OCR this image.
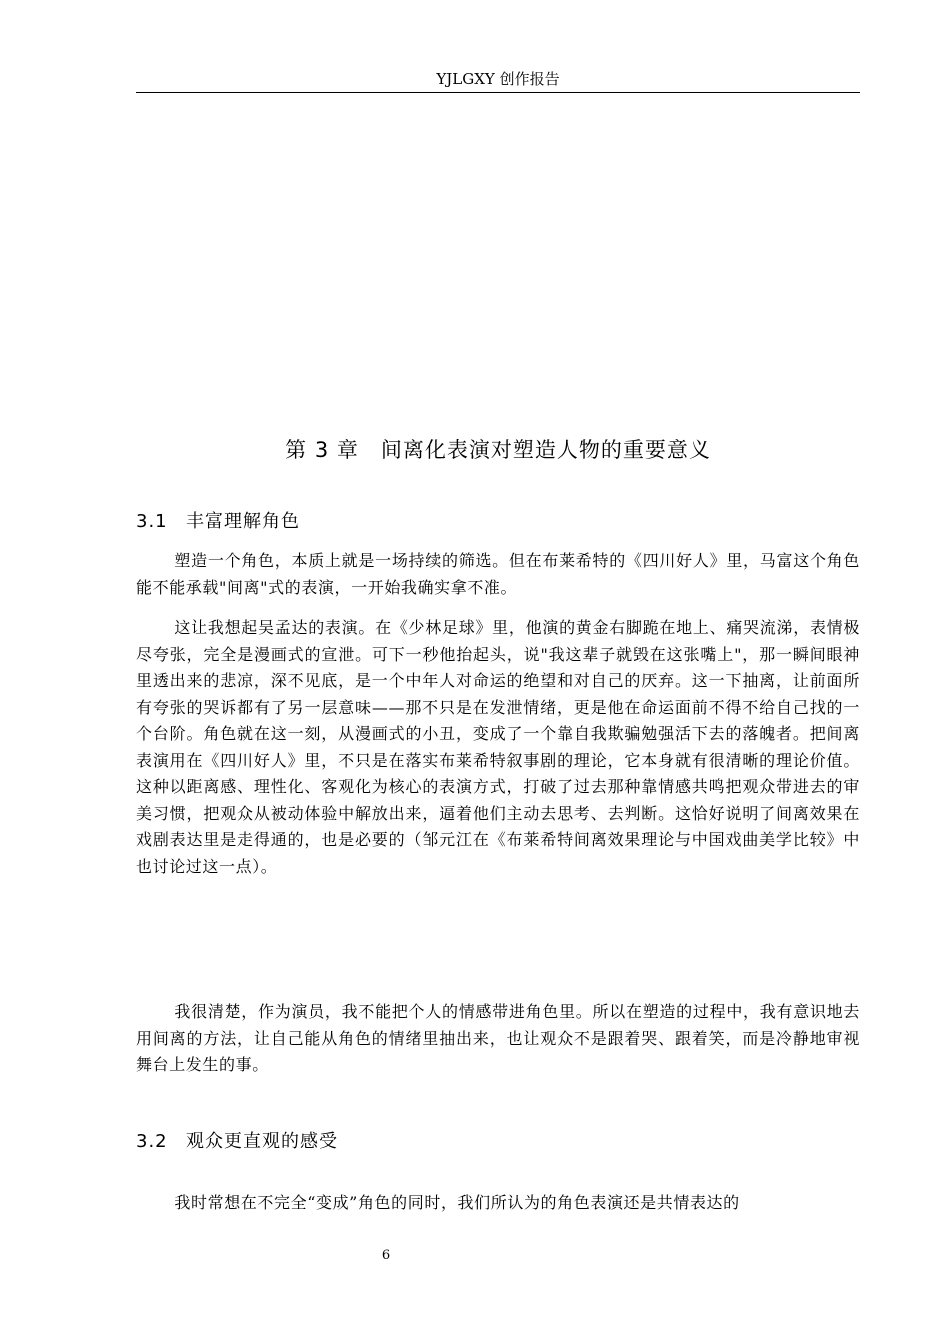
YJLGXY 创作报告
第 3 章　间离化表演对塑造人物的重要意义
3.1 丰富理解角色

塑造一个角色，本质上就是一场持续的筛选。但在布莱希特的《四川好人》里，马富这个角色能不能承载"间离"式的表演，一开始我确实拿不准。

这让我想起吴孟达的表演。在《少林足球》里，他演的黄金右脚跪在地上、痛哭流涕，表情极尽夸张，完全是漫画式的宣泄。可下一秒他抬起头，说"我这辈子就毁在这张嘴上"，那一瞬间眼神里透出来的悲凉，深不见底，是一个中年人对命运的绝望和对自己的厌弃。这一下抽离，让前面所有夸张的哭诉都有了另一层意味——那不只是在发泄情绪，更是他在命运面前不得不给自己找的一个台阶。角色就在这一刻，从漫画式的小丑，变成了一个靠自我欺骗勉强活下去的落魄者。把间离表演用在《四川好人》里，不只是在落实布莱希特叙事剧的理论，它本身就有很清晰的理论价值。这种以距离感、理性化、客观化为核心的表演方式，打破了过去那种靠情感共鸣把观众带进去的审美习惯，把观众从被动体验中解放出来，逼着他们主动去思考、去判断。这恰好说明了间离效果在戏剧表达里是走得通的，也是必要的（邹元江在《布莱希特间离效果理论与中国戏曲美学比较》中也讨论过这一点）。

我很清楚，作为演员，我不能把个人的情感带进角色里。所以在塑造的过程中，我有意识地去用间离的方法，让自己能从角色的情绪里抽出来，也让观众不是跟着哭、跟着笑，而是冷静地审视舞台上发生的事。

3.2 观众更直观的感受

我时常想在不完全“变成”角色的同时，我们所认为的角色表演还是共情表达的

6
